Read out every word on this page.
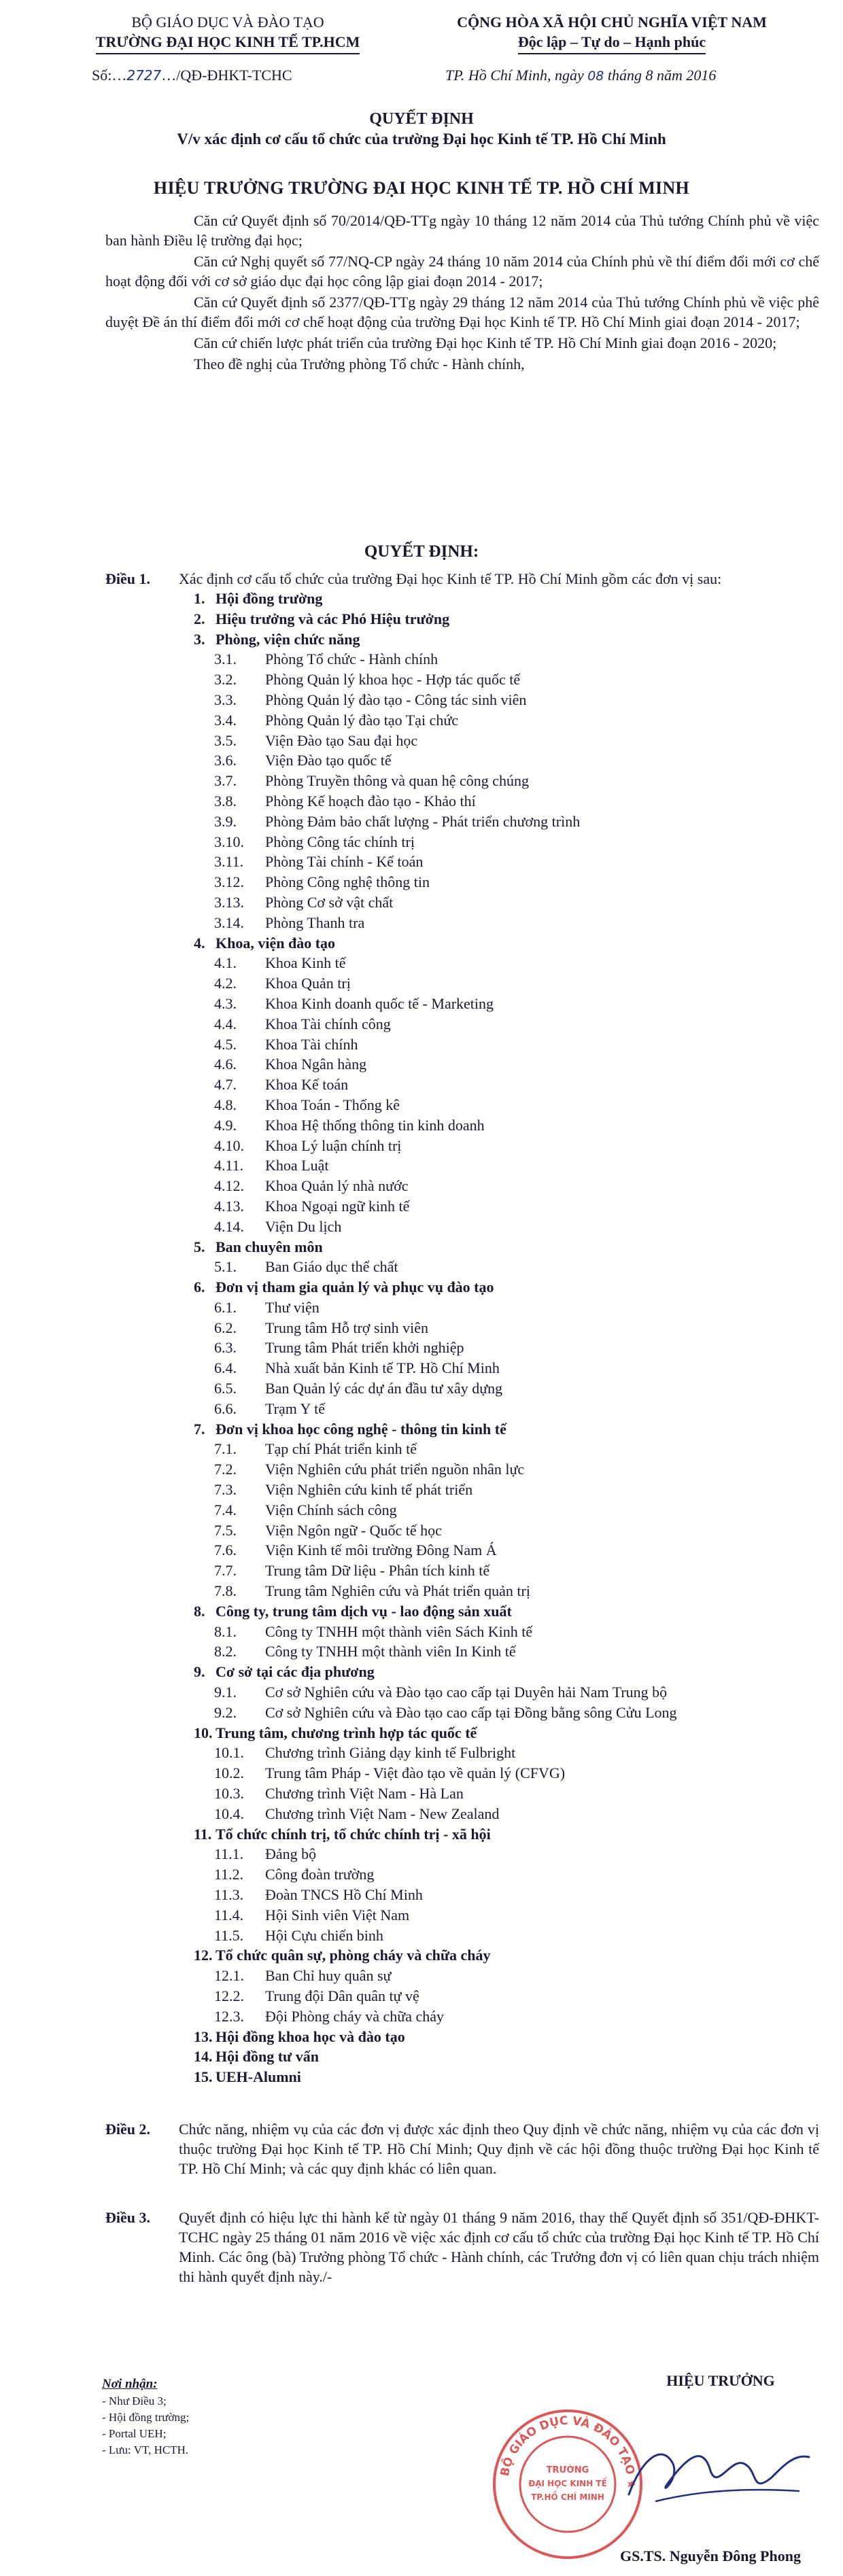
BỘ GIÁO DỤC VÀ ĐÀO TẠO
TRƯỜNG ĐẠI HỌC KINH TẾ TP.HCM
CỘNG HÒA XÃ HỘI CHỦ NGHĨA VIỆT NAM
Độc lập – Tự do – Hạnh phúc
Số:…2727…/QĐ-ĐHKT-TCHC	TP. Hồ Chí Minh, ngày 08 tháng 8 năm 2016
QUYẾT ĐỊNH
V/v xác định cơ cấu tổ chức của trường Đại học Kinh tế TP. Hồ Chí Minh
HIỆU TRƯỞNG TRƯỜNG ĐẠI HỌC KINH TẾ TP. HỒ CHÍ MINH

Căn cứ Quyết định số 70/2014/QĐ-TTg ngày 10 tháng 12 năm 2014 của Thủ tướng Chính phủ về việc ban hành Điều lệ trường đại học;

Căn cứ Nghị quyết số 77/NQ-CP ngày 24 tháng 10 năm 2014 của Chính phủ về thí điểm đổi mới cơ chế hoạt động đối với cơ sở giáo dục đại học công lập giai đoạn 2014 - 2017;

Căn cứ Quyết định số 2377/QĐ-TTg ngày 29 tháng 12 năm 2014 của Thủ tướng Chính phủ về việc phê duyệt Đề án thí điểm đổi mới cơ chế hoạt động của trường Đại học Kinh tế TP. Hồ Chí Minh giai đoạn 2014 - 2017;

Căn cứ chiến lược phát triển của trường Đại học Kinh tế TP. Hồ Chí Minh giai đoạn 2016 - 2020;

Theo đề nghị của Trưởng phòng Tổ chức - Hành chính,

QUYẾT ĐỊNH:

Điều 1. Xác định cơ cấu tổ chức của trường Đại học Kinh tế TP. Hồ Chí Minh gồm các đơn vị sau:

1. Hội đồng trường
2. Hiệu trưởng và các Phó Hiệu trưởng
3. Phòng, viện chức năng
3.1. Phòng Tổ chức - Hành chính
3.2. Phòng Quản lý khoa học - Hợp tác quốc tế
3.3. Phòng Quản lý đào tạo - Công tác sinh viên
3.4. Phòng Quản lý đào tạo Tại chức
3.5. Viện Đào tạo Sau đại học
3.6. Viện Đào tạo quốc tế
3.7. Phòng Truyền thông và quan hệ công chúng
3.8. Phòng Kế hoạch đào tạo - Khảo thí
3.9. Phòng Đảm bảo chất lượng - Phát triển chương trình
3.10. Phòng Công tác chính trị
3.11. Phòng Tài chính - Kế toán
3.12. Phòng Công nghệ thông tin
3.13. Phòng Cơ sở vật chất
3.14. Phòng Thanh tra
4. Khoa, viện đào tạo
4.1. Khoa Kinh tế
4.2. Khoa Quản trị
4.3. Khoa Kinh doanh quốc tế - Marketing
4.4. Khoa Tài chính công
4.5. Khoa Tài chính
4.6. Khoa Ngân hàng
4.7. Khoa Kế toán
4.8. Khoa Toán - Thống kê
4.9. Khoa Hệ thống thông tin kinh doanh
4.10. Khoa Lý luận chính trị
4.11. Khoa Luật
4.12. Khoa Quản lý nhà nước
4.13. Khoa Ngoại ngữ kinh tế
4.14. Viện Du lịch
5. Ban chuyên môn
5.1. Ban Giáo dục thể chất
6. Đơn vị tham gia quản lý và phục vụ đào tạo
6.1. Thư viện
6.2. Trung tâm Hỗ trợ sinh viên
6.3. Trung tâm Phát triển khởi nghiệp
6.4. Nhà xuất bản Kinh tế TP. Hồ Chí Minh
6.5. Ban Quản lý các dự án đầu tư xây dựng
6.6. Trạm Y tế
7. Đơn vị khoa học công nghệ - thông tin kinh tế
7.1. Tạp chí Phát triển kinh tế
7.2. Viện Nghiên cứu phát triển nguồn nhân lực
7.3. Viện Nghiên cứu kinh tế phát triển
7.4. Viện Chính sách công
7.5. Viện Ngôn ngữ - Quốc tế học
7.6. Viện Kinh tế môi trường Đông Nam Á
7.7. Trung tâm Dữ liệu - Phân tích kinh tế
7.8. Trung tâm Nghiên cứu và Phát triển quản trị
8. Công ty, trung tâm dịch vụ - lao động sản xuất
8.1. Công ty TNHH một thành viên Sách Kinh tế
8.2. Công ty TNHH một thành viên In Kinh tế
9. Cơ sở tại các địa phương
9.1. Cơ sở Nghiên cứu và Đào tạo cao cấp tại Duyên hải Nam Trung bộ
9.2. Cơ sở Nghiên cứu và Đào tạo cao cấp tại Đồng bằng sông Cửu Long
10. Trung tâm, chương trình hợp tác quốc tế
10.1. Chương trình Giảng dạy kinh tế Fulbright
10.2. Trung tâm Pháp - Việt đào tạo về quản lý (CFVG)
10.3. Chương trình Việt Nam - Hà Lan
10.4. Chương trình Việt Nam - New Zealand
11. Tổ chức chính trị, tổ chức chính trị - xã hội
11.1. Đảng bộ
11.2. Công đoàn trường
11.3. Đoàn TNCS Hồ Chí Minh
11.4. Hội Sinh viên Việt Nam
11.5. Hội Cựu chiến binh
12. Tổ chức quân sự, phòng cháy và chữa cháy
12.1. Ban Chỉ huy quân sự
12.2. Trung đội Dân quân tự vệ
12.3. Đội Phòng cháy và chữa cháy
13. Hội đồng khoa học và đào tạo
14. Hội đồng tư vấn
15. UEH-Alumni
Điều 2.	Chức năng, nhiệm vụ của các đơn vị được xác định theo Quy định về chức năng, nhiệm vụ của các đơn vị thuộc trường Đại học Kinh tế TP. Hồ Chí Minh; Quy định về các hội đồng thuộc trường Đại học Kinh tế TP. Hồ Chí Minh; và các quy định khác có liên quan.
Điều 3.	Quyết định có hiệu lực thi hành kể từ ngày 01 tháng 9 năm 2016, thay thế Quyết định số 351/QĐ-ĐHKT-TCHC ngày 25 tháng 01 năm 2016 về việc xác định cơ cấu tổ chức của trường Đại học Kinh tế TP. Hồ Chí Minh. Các ông (bà) Trưởng phòng Tổ chức - Hành chính, các Trưởng đơn vị có liên quan chịu trách nhiệm thi hành quyết định này./-
Nơi nhận:
- Như Điều 3;
- Hội đồng trường;
- Portal UEH;
- Lưu: VT, HCTH.
HIỆU TRƯỞNG
BỘ GIÁO DỤC VÀ ĐÀO TẠO ★
TRƯỜNG
ĐẠI HỌC KINH TẾ
TP.HỒ CHÍ MINH
GS.TS. Nguyễn Đông Phong
